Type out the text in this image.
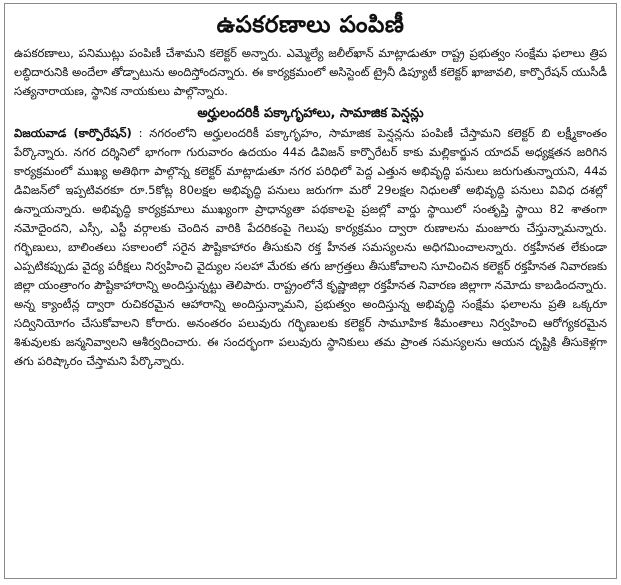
ఉపకరణాలు పంపిణీ

ఉపకరణాలు, పనిముట్లు పంపిణీ చేశామని కలెక్టర్ అన్నారు. ఎమ్మెల్యే జలీల్‌ఖాన్ మాట్లాడుతూ రాష్ట్ర ప్రభుత్వం సంక్షేమ ఫలాలు త్రిప లబ్ధిదారునికి అందేలా తోడ్పాటును అందిస్తోందన్నారు. ఈ కార్యక్రమంలో అసిస్టెంట్ ట్రైనీ డిప్యూటీ కలెక్టర్ ఖాజావలి, కార్పొరేషన్ యుసీడీ సత్యనారాయణ, స్థానిక నాయకులు పాల్గొన్నారు.

అర్హులందరికీ పక్కాగృహాలు, సామాజిక పెన్షన్లు

విజయవాడ (కార్పొరేషన్) : నగరంలోని అర్హులందరికీ పక్కాగృహం, సామాజిక పెన్షన్లను పంపిణీ చేస్తామని కలెక్టర్ బి లక్ష్మీకాంతం పేర్కొన్నారు. నగర దర్శినిలో భాగంగా గురువారం ఉదయం 44వ డివిజన్ కార్పొరేటర్ కాకు మల్లికార్జున యాదవ్ అధ్యక్షతన జరిగిన కార్యక్రమంలో ముఖ్య అతిథిగా పాల్గొన్న కలెక్టర్ మాట్లాడుతూ నగర పరిధిలో పెద్ద ఎత్తున అభివృద్ధి పనులు జరుగుతున్నాయని, 44వ డివిజన్‌లో ఇప్పటివరకూ రూ.5కోట్ల 80లక్షల అభివృద్ధి పనులు జరుగగా మరో 29లక్షల నిధులతో అభివృద్ధి పనులు వివిధ దశల్లో ఉన్నాయన్నారు. అభివృద్ధి కార్యక్రమాలు ముఖ్యంగా ప్రాధాన్యతా పథకాలపై ప్రజల్లో వార్డు స్థాయిలో సంతృప్తి స్థాయి 82 శాతంగా నమోదైందని, ఎస్సీ, ఎస్టీ వర్గాలకు చెందిన వారికి పేదరికంపై గెలుపు కార్యక్రమం ద్వారా రుణాలను మంజూరు చేస్తున్నామన్నారు. గర్భిణులు, బాలింతలు సకాలంలో సరైన పౌష్టికాహారం తీసుకుని రక్త హీనత సమస్యలను అధిగమించాలన్నారు. రక్తహీనత లేకుండా ఎప్పటికప్పుడు వైద్య పరీక్షలు నిర్వహించి వైద్యుల సలహా మేరకు తగు జాగ్రత్తలు తీసుకోవాలని సూచించిన కలెక్టర్ రక్తహీనత నివారణకు జిల్లా యంత్రాంగం పౌష్టికాహారాన్ని అందిస్తున్నట్టు తెలిపారు. రాష్ట్రంలోనే కృష్ణాజిల్లా రక్తహీనత నివారణ జిల్లాగా నమోదు కాబడిందన్నారు. అన్న క్యాంటీన్ల ద్వారా రుచికరమైన ఆహారాన్ని అందిస్తున్నామని, ప్రభుత్వం అందిస్తున్న అభివృద్ధి సంక్షేమ ఫలాలను ప్రతి ఒక్కరూ సద్వినియోగం చేసుకోవాలని కోరారు. అనంతరం పలువురు గర్భిణులకు కలెక్టర్ సామూహిక శీమంతాలు నిర్వహించి ఆరోగ్యకరమైన శిశువులకు జన్మనివ్వాలని ఆశీర్వదించారు. ఈ సందర్భంగా పలువురు స్థానికులు తమ ప్రాంత సమస్యలను ఆయన దృష్టికి తీసుకెళ్లగా తగు పరిష్కారం చేస్తామని పేర్కొన్నారు.
